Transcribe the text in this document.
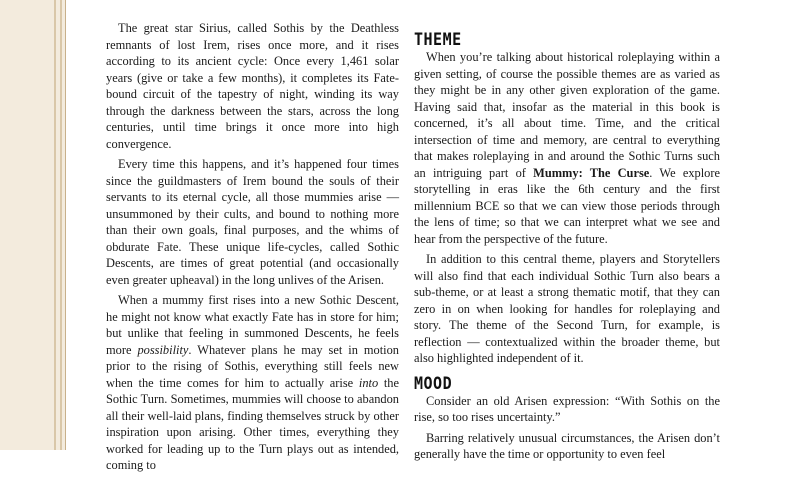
The great star Sirius, called Sothis by the Deathless remnants of lost Irem, rises once more, and it rises according to its ancient cycle: Once every 1,461 solar years (give or take a few months), it completes its Fate-bound circuit of the tapestry of night, winding its way through the darkness between the stars, across the long centuries, until time brings it once more into high convergence.

Every time this happens, and it’s happened four times since the guildmasters of Irem bound the souls of their servants to its eternal cycle, all those mummies arise — unsummoned by their cults, and bound to nothing more than their own goals, final purposes, and the whims of obdurate Fate. These unique life-cycles, called Sothic Descents, are times of great potential (and occasionally even greater upheaval) in the long unlives of the Arisen.

When a mummy first rises into a new Sothic Descent, he might not know what exactly Fate has in store for him; but unlike that feeling in summoned Descents, he feels more possibility. Whatever plans he may set in motion prior to the rising of Sothis, everything still feels new when the time comes for him to actually arise into the Sothic Turn. Sometimes, mummies will choose to abandon all their well-laid plans, finding themselves struck by other inspiration upon arising. Other times, everything they worked for leading up to the Turn plays out as intended, coming to

THEME

When you’re talking about historical roleplaying within a given setting, of course the possible themes are as varied as they might be in any other given exploration of the game. Having said that, insofar as the material in this book is concerned, it’s all about time. Time, and the critical intersection of time and memory, are central to everything that makes roleplaying in and around the Sothic Turns such an intriguing part of Mummy: The Curse. We explore storytelling in eras like the 6th century and the first millennium BCE so that we can view those periods through the lens of time; so that we can interpret what we see and hear from the perspective of the future.

In addition to this central theme, players and Storytellers will also find that each individual Sothic Turn also bears a sub-theme, or at least a strong thematic motif, that they can zero in on when looking for handles for roleplaying and story. The theme of the Second Turn, for example, is reflection — contextualized within the broader theme, but also highlighted independent of it.

MOOD

Consider an old Arisen expression: “With Sothis on the rise, so too rises uncertainty.”

Barring relatively unusual circumstances, the Arisen don’t generally have the time or opportunity to even feel
